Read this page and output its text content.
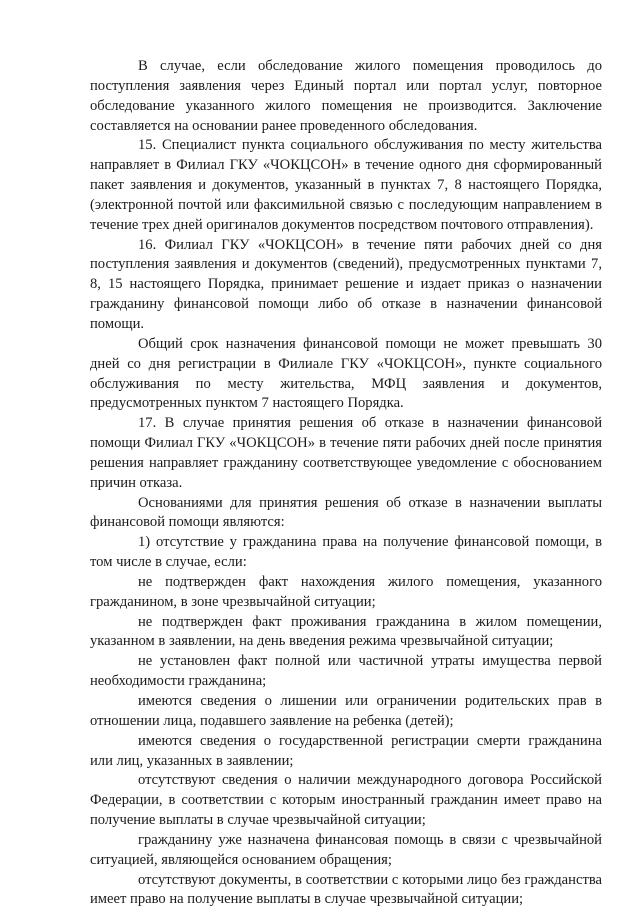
В случае, если обследование жилого помещения проводилось до поступления заявления через Единый портал или портал услуг, повторное обследование указанного жилого помещения не производится. Заключение составляется на основании ранее проведенного обследования.

15. Специалист пункта социального обслуживания по месту жительства направляет в Филиал ГКУ «ЧОКЦСОН» в течение одного дня сформированный пакет заявления и документов, указанный в пунктах 7, 8 настоящего Порядка, (электронной почтой или факсимильной связью с последующим направлением в течение трех дней оригиналов документов посредством почтового отправления).

16. Филиал ГКУ «ЧОКЦСОН» в течение пяти рабочих дней со дня поступления заявления и документов (сведений), предусмотренных пунктами 7, 8, 15 настоящего Порядка, принимает решение и издает приказ о назначении гражданину финансовой помощи либо об отказе в назначении финансовой помощи.

Общий срок назначения финансовой помощи не может превышать 30 дней со дня регистрации в Филиале ГКУ «ЧОКЦСОН», пункте социального обслуживания по месту жительства, МФЦ заявления и документов, предусмотренных пунктом 7 настоящего Порядка.

17. В случае принятия решения об отказе в назначении финансовой помощи Филиал ГКУ «ЧОКЦСОН» в течение пяти рабочих дней после принятия решения направляет гражданину соответствующее уведомление с обоснованием причин отказа.

Основаниями для принятия решения об отказе в назначении выплаты финансовой помощи являются:

1) отсутствие у гражданина права на получение финансовой помощи, в том числе в случае, если:

не подтвержден факт нахождения жилого помещения, указанного гражданином, в зоне чрезвычайной ситуации;

не подтвержден факт проживания гражданина в жилом помещении, указанном в заявлении, на день введения режима чрезвычайной ситуации;

не установлен факт полной или частичной утраты имущества первой необходимости гражданина;

имеются сведения о лишении или ограничении родительских прав в отношении лица, подавшего заявление на ребенка (детей);

имеются сведения о государственной регистрации смерти гражданина или лиц, указанных в заявлении;

отсутствуют сведения о наличии международного договора Российской Федерации, в соответствии с которым иностранный гражданин имеет право на получение выплаты в случае чрезвычайной ситуации;

гражданину уже назначена финансовая помощь в связи с чрезвычайной ситуацией, являющейся основанием обращения;

отсутствуют документы, в соответствии с которыми лицо без гражданства имеет право на получение выплаты в случае чрезвычайной ситуации;
